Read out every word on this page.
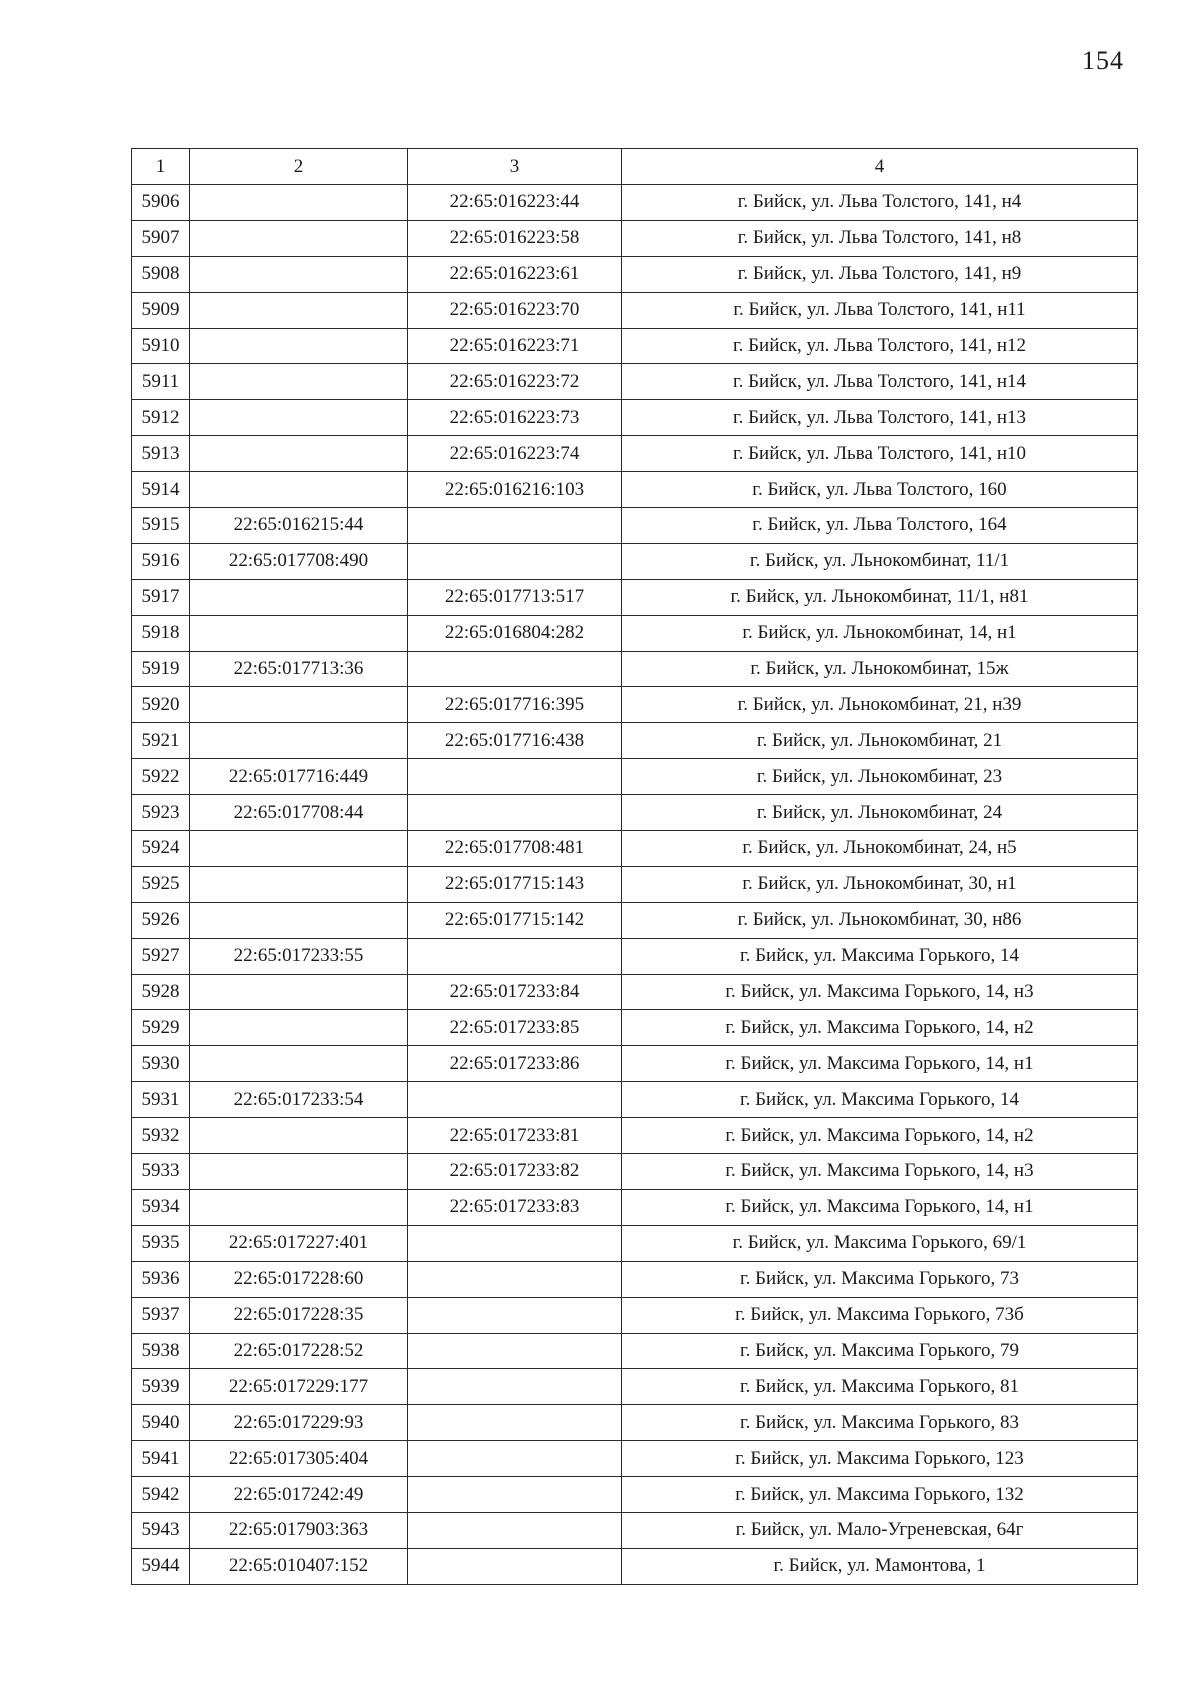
154
1	2	3	4
5906		22:65:016223:44	г. Бийск, ул. Льва Толстого, 141, н4
5907		22:65:016223:58	г. Бийск, ул. Льва Толстого, 141, н8
5908		22:65:016223:61	г. Бийск, ул. Льва Толстого, 141, н9
5909		22:65:016223:70	г. Бийск, ул. Льва Толстого, 141, н11
5910		22:65:016223:71	г. Бийск, ул. Льва Толстого, 141, н12
5911		22:65:016223:72	г. Бийск, ул. Льва Толстого, 141, н14
5912		22:65:016223:73	г. Бийск, ул. Льва Толстого, 141, н13
5913		22:65:016223:74	г. Бийск, ул. Льва Толстого, 141, н10
5914		22:65:016216:103	г. Бийск, ул. Льва Толстого, 160
5915	22:65:016215:44		г. Бийск, ул. Льва Толстого, 164
5916	22:65:017708:490		г. Бийск, ул. Льнокомбинат, 11/1
5917		22:65:017713:517	г. Бийск, ул. Льнокомбинат, 11/1, н81
5918		22:65:016804:282	г. Бийск, ул. Льнокомбинат, 14, н1
5919	22:65:017713:36		г. Бийск, ул. Льнокомбинат, 15ж
5920		22:65:017716:395	г. Бийск, ул. Льнокомбинат, 21, н39
5921		22:65:017716:438	г. Бийск, ул. Льнокомбинат, 21
5922	22:65:017716:449		г. Бийск, ул. Льнокомбинат, 23
5923	22:65:017708:44		г. Бийск, ул. Льнокомбинат, 24
5924		22:65:017708:481	г. Бийск, ул. Льнокомбинат, 24, н5
5925		22:65:017715:143	г. Бийск, ул. Льнокомбинат, 30, н1
5926		22:65:017715:142	г. Бийск, ул. Льнокомбинат, 30, н86
5927	22:65:017233:55		г. Бийск, ул. Максима Горького, 14
5928		22:65:017233:84	г. Бийск, ул. Максима Горького, 14, н3
5929		22:65:017233:85	г. Бийск, ул. Максима Горького, 14, н2
5930		22:65:017233:86	г. Бийск, ул. Максима Горького, 14, н1
5931	22:65:017233:54		г. Бийск, ул. Максима Горького, 14
5932		22:65:017233:81	г. Бийск, ул. Максима Горького, 14, н2
5933		22:65:017233:82	г. Бийск, ул. Максима Горького, 14, н3
5934		22:65:017233:83	г. Бийск, ул. Максима Горького, 14, н1
5935	22:65:017227:401		г. Бийск, ул. Максима Горького, 69/1
5936	22:65:017228:60		г. Бийск, ул. Максима Горького, 73
5937	22:65:017228:35		г. Бийск, ул. Максима Горького, 73б
5938	22:65:017228:52		г. Бийск, ул. Максима Горького, 79
5939	22:65:017229:177		г. Бийск, ул. Максима Горького, 81
5940	22:65:017229:93		г. Бийск, ул. Максима Горького, 83
5941	22:65:017305:404		г. Бийск, ул. Максима Горького, 123
5942	22:65:017242:49		г. Бийск, ул. Максима Горького, 132
5943	22:65:017903:363		г. Бийск, ул. Мало-Угреневская, 64г
5944	22:65:010407:152		г. Бийск, ул. Мамонтова, 1
